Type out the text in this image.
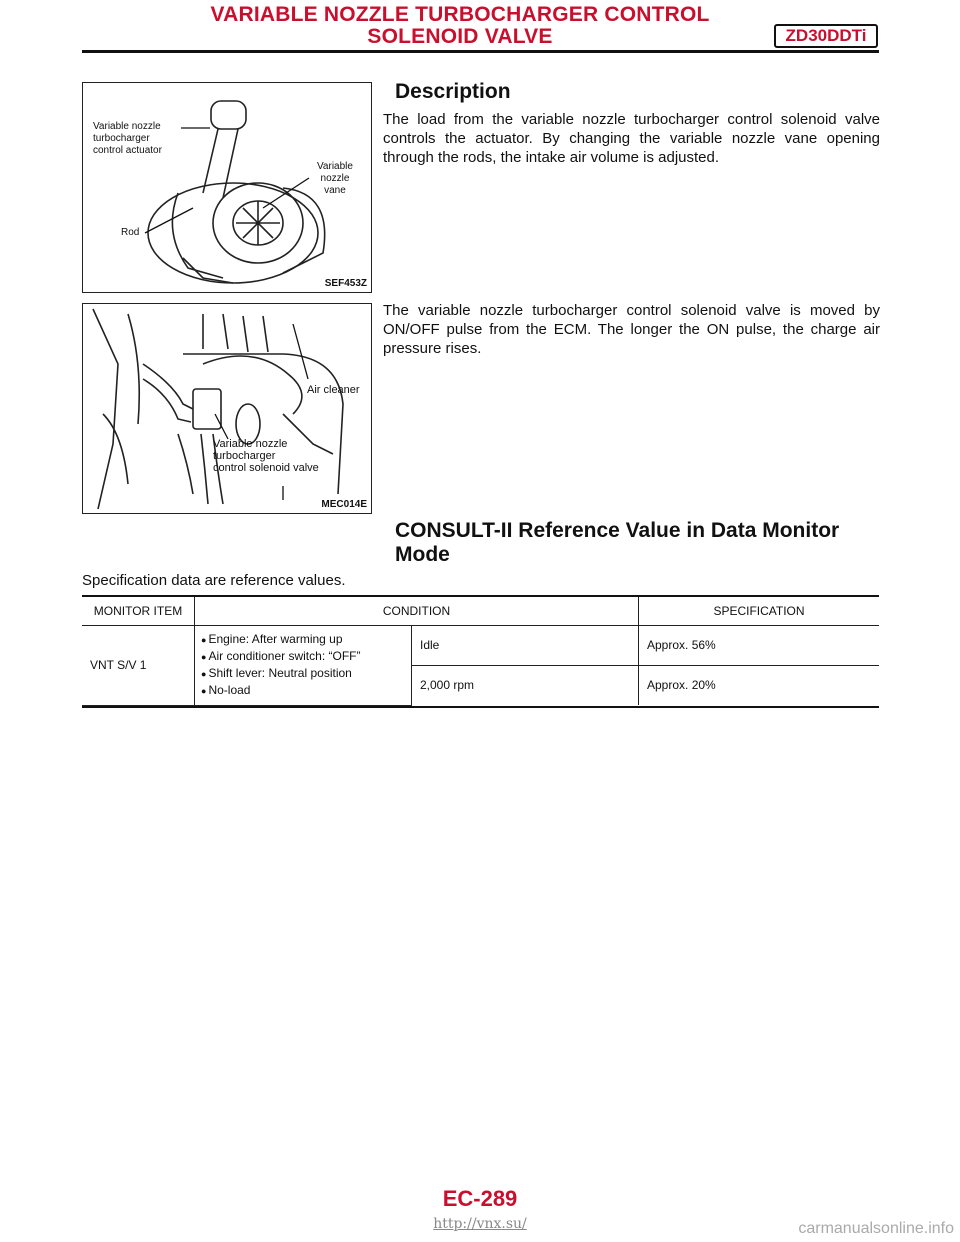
VARIABLE NOZZLE TURBOCHARGER CONTROL
SOLENOID VALVE	ZD30DDTi
Variable nozzle
turbocharger
control actuator
Variable
nozzle
vane
Rod
SEF453Z
Air cleaner
Variable nozzle
turbocharger
control solenoid valve
MEC014E
Description
The load from the variable nozzle turbocharger control solenoid valve controls the actuator. By changing the variable nozzle vane opening through the rods, the intake air volume is adjusted.
The variable nozzle turbocharger control solenoid valve is moved by ON/OFF pulse from the ECM. The longer the ON pulse, the charge air pressure rises.
CONSULT-II Reference Value in Data Monitor
Mode
Specification data are reference values.
MONITOR ITEM	CONDITION		SPECIFICATION
VNT S/V 1	● Engine: After warming up
● Air conditioner switch: “OFF”
● Shift lever: Neutral position
● No-load	Idle	Approx. 56%
		2,000 rpm	Approx. 20%
EC-289
http://vnx.su/	carmanualsonline.info
